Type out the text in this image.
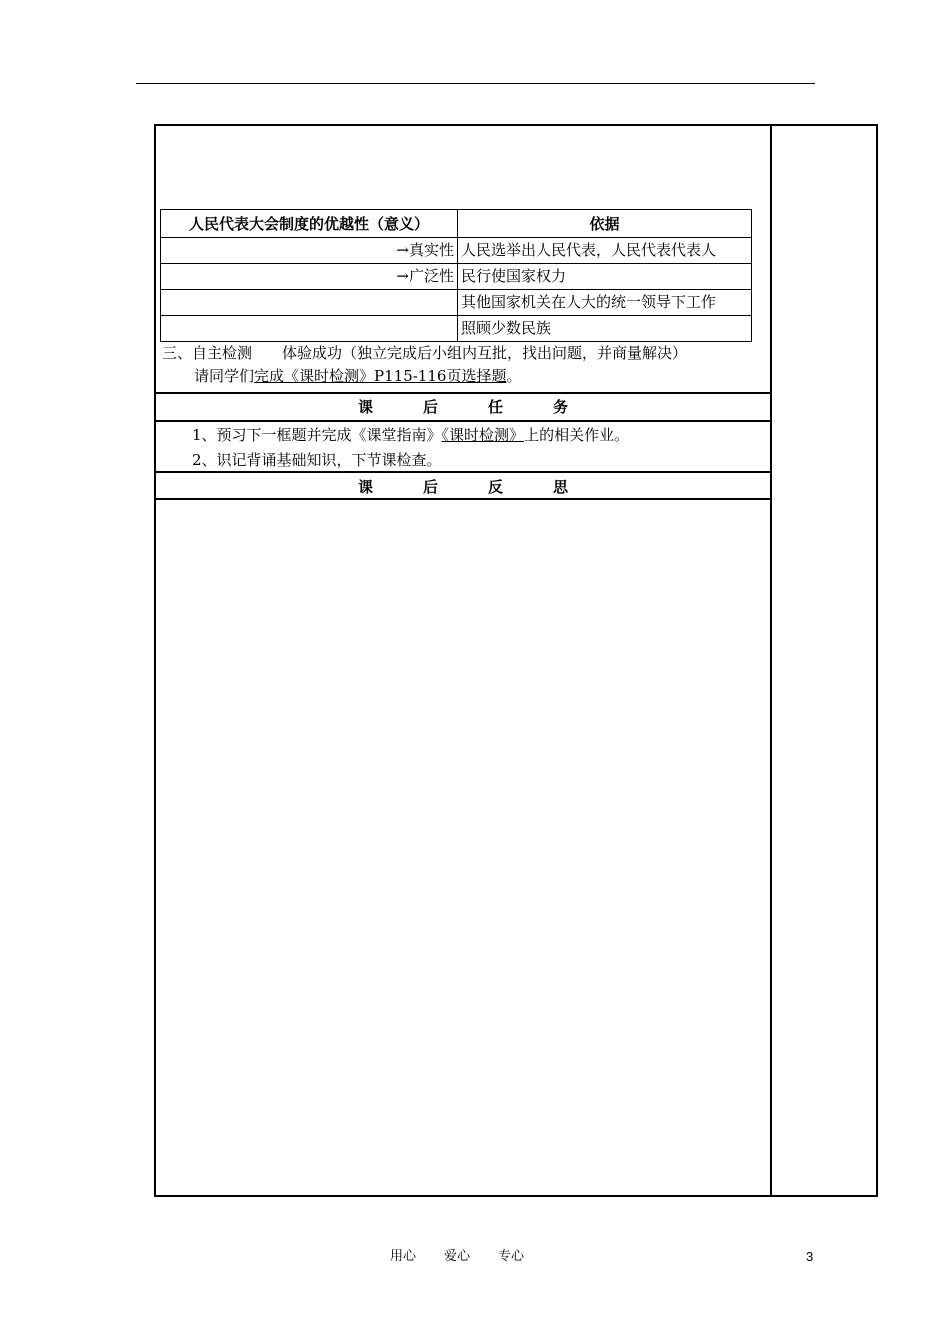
人民代表大会制度的优越性（意义）	依据
→真实性	人民选举出人民代表，人民代表代表人
→广泛性	民行使国家权力
	其他国家机关在人大的统一领导下工作
	照顾少数民族
三、自主检测　　体验成功（独立完成后小组内互批，找出问题，并商量解决）
请同学们完成《课时检测》P115-116页选择题。
课	后	任	务
1、预习下一框题并完成《课堂指南》《课时检测》上的相关作业。
2、识记背诵基础知识，下节课检查。
课	后	反	思
用心 爱心 专心	3
